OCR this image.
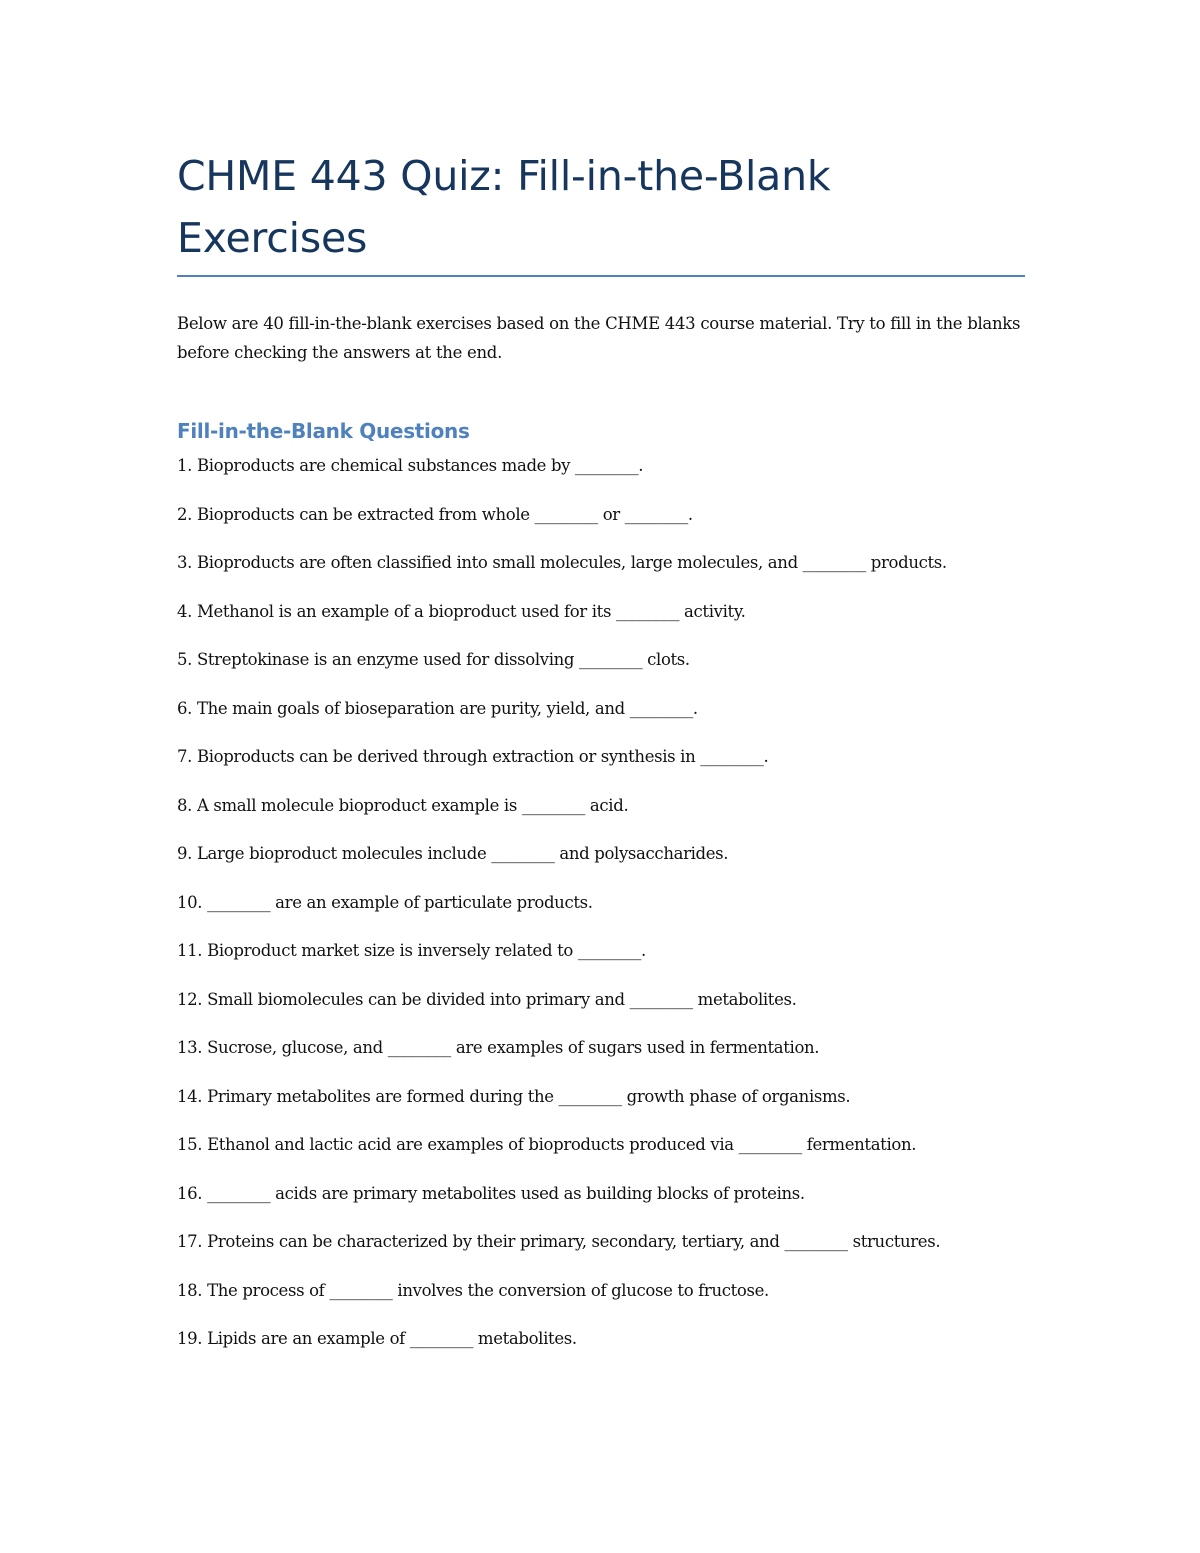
CHME 443 Quiz: Fill-in-the-Blank Exercises

Below are 40 fill-in-the-blank exercises based on the CHME 443 course material. Try to fill in the blanks before checking the answers at the end.

Fill-in-the-Blank Questions
1. Bioproducts are chemical substances made by ________.
2. Bioproducts can be extracted from whole ________ or ________.
3. Bioproducts are often classified into small molecules, large molecules, and ________ products.
4. Methanol is an example of a bioproduct used for its ________ activity.
5. Streptokinase is an enzyme used for dissolving ________ clots.
6. The main goals of bioseparation are purity, yield, and ________.
7. Bioproducts can be derived through extraction or synthesis in ________.
8. A small molecule bioproduct example is ________ acid.
9. Large bioproduct molecules include ________ and polysaccharides.
10. ________ are an example of particulate products.
11. Bioproduct market size is inversely related to ________.
12. Small biomolecules can be divided into primary and ________ metabolites.
13. Sucrose, glucose, and ________ are examples of sugars used in fermentation.
14. Primary metabolites are formed during the ________ growth phase of organisms.
15. Ethanol and lactic acid are examples of bioproducts produced via ________ fermentation.
16. ________ acids are primary metabolites used as building blocks of proteins.
17. Proteins can be characterized by their primary, secondary, tertiary, and ________ structures.
18. The process of ________ involves the conversion of glucose to fructose.
19. Lipids are an example of ________ metabolites.
